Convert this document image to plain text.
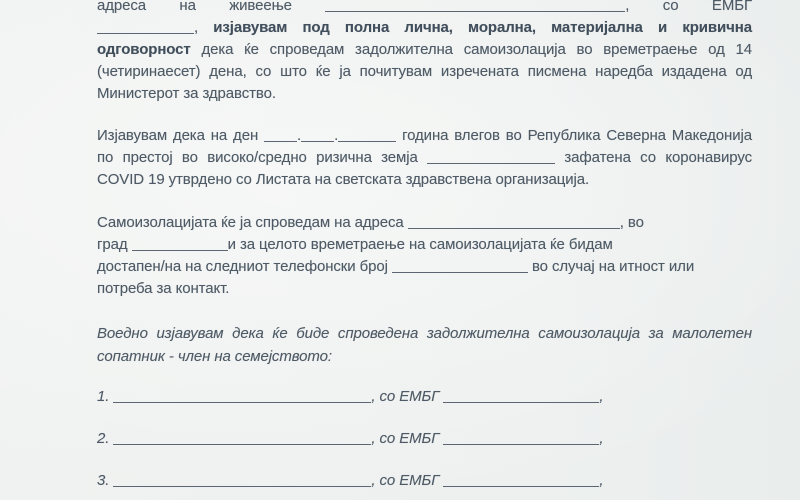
адреса на живеење	, со ЕМБГ
, изјавувам под полна лична, морална, материјална и кривична
одговорност дека ќе спроведам задолжителна самоизолација во времетраење од 14
(четиринаесет) дена, со што ќе ја почитувам изречената писмена наредба издадена од
Министерот за здравство.
Изјавувам дека на ден	. .	година влегов во Република Северна Македонија
по престој во високо/средно ризична земја	зафатена со коронавирус
COVID 19 утврдено со Листата на светската здравствена организација.
Самоизолацијата ќе ја спроведам на адреса	, во
град	и за целото времетраење на самоизолацијата ќе бидам
достапен/на на следниот телефонски број	во случај на итност или
потреба за контакт.
Воедно изјавувам дека ќе биде спроведена задолжителна самоизолација за малолетен
сопатник - член на семејството:
1.	, со ЕМБГ	,
2.	, со ЕМБГ	,
3.	, со ЕМБГ	,
